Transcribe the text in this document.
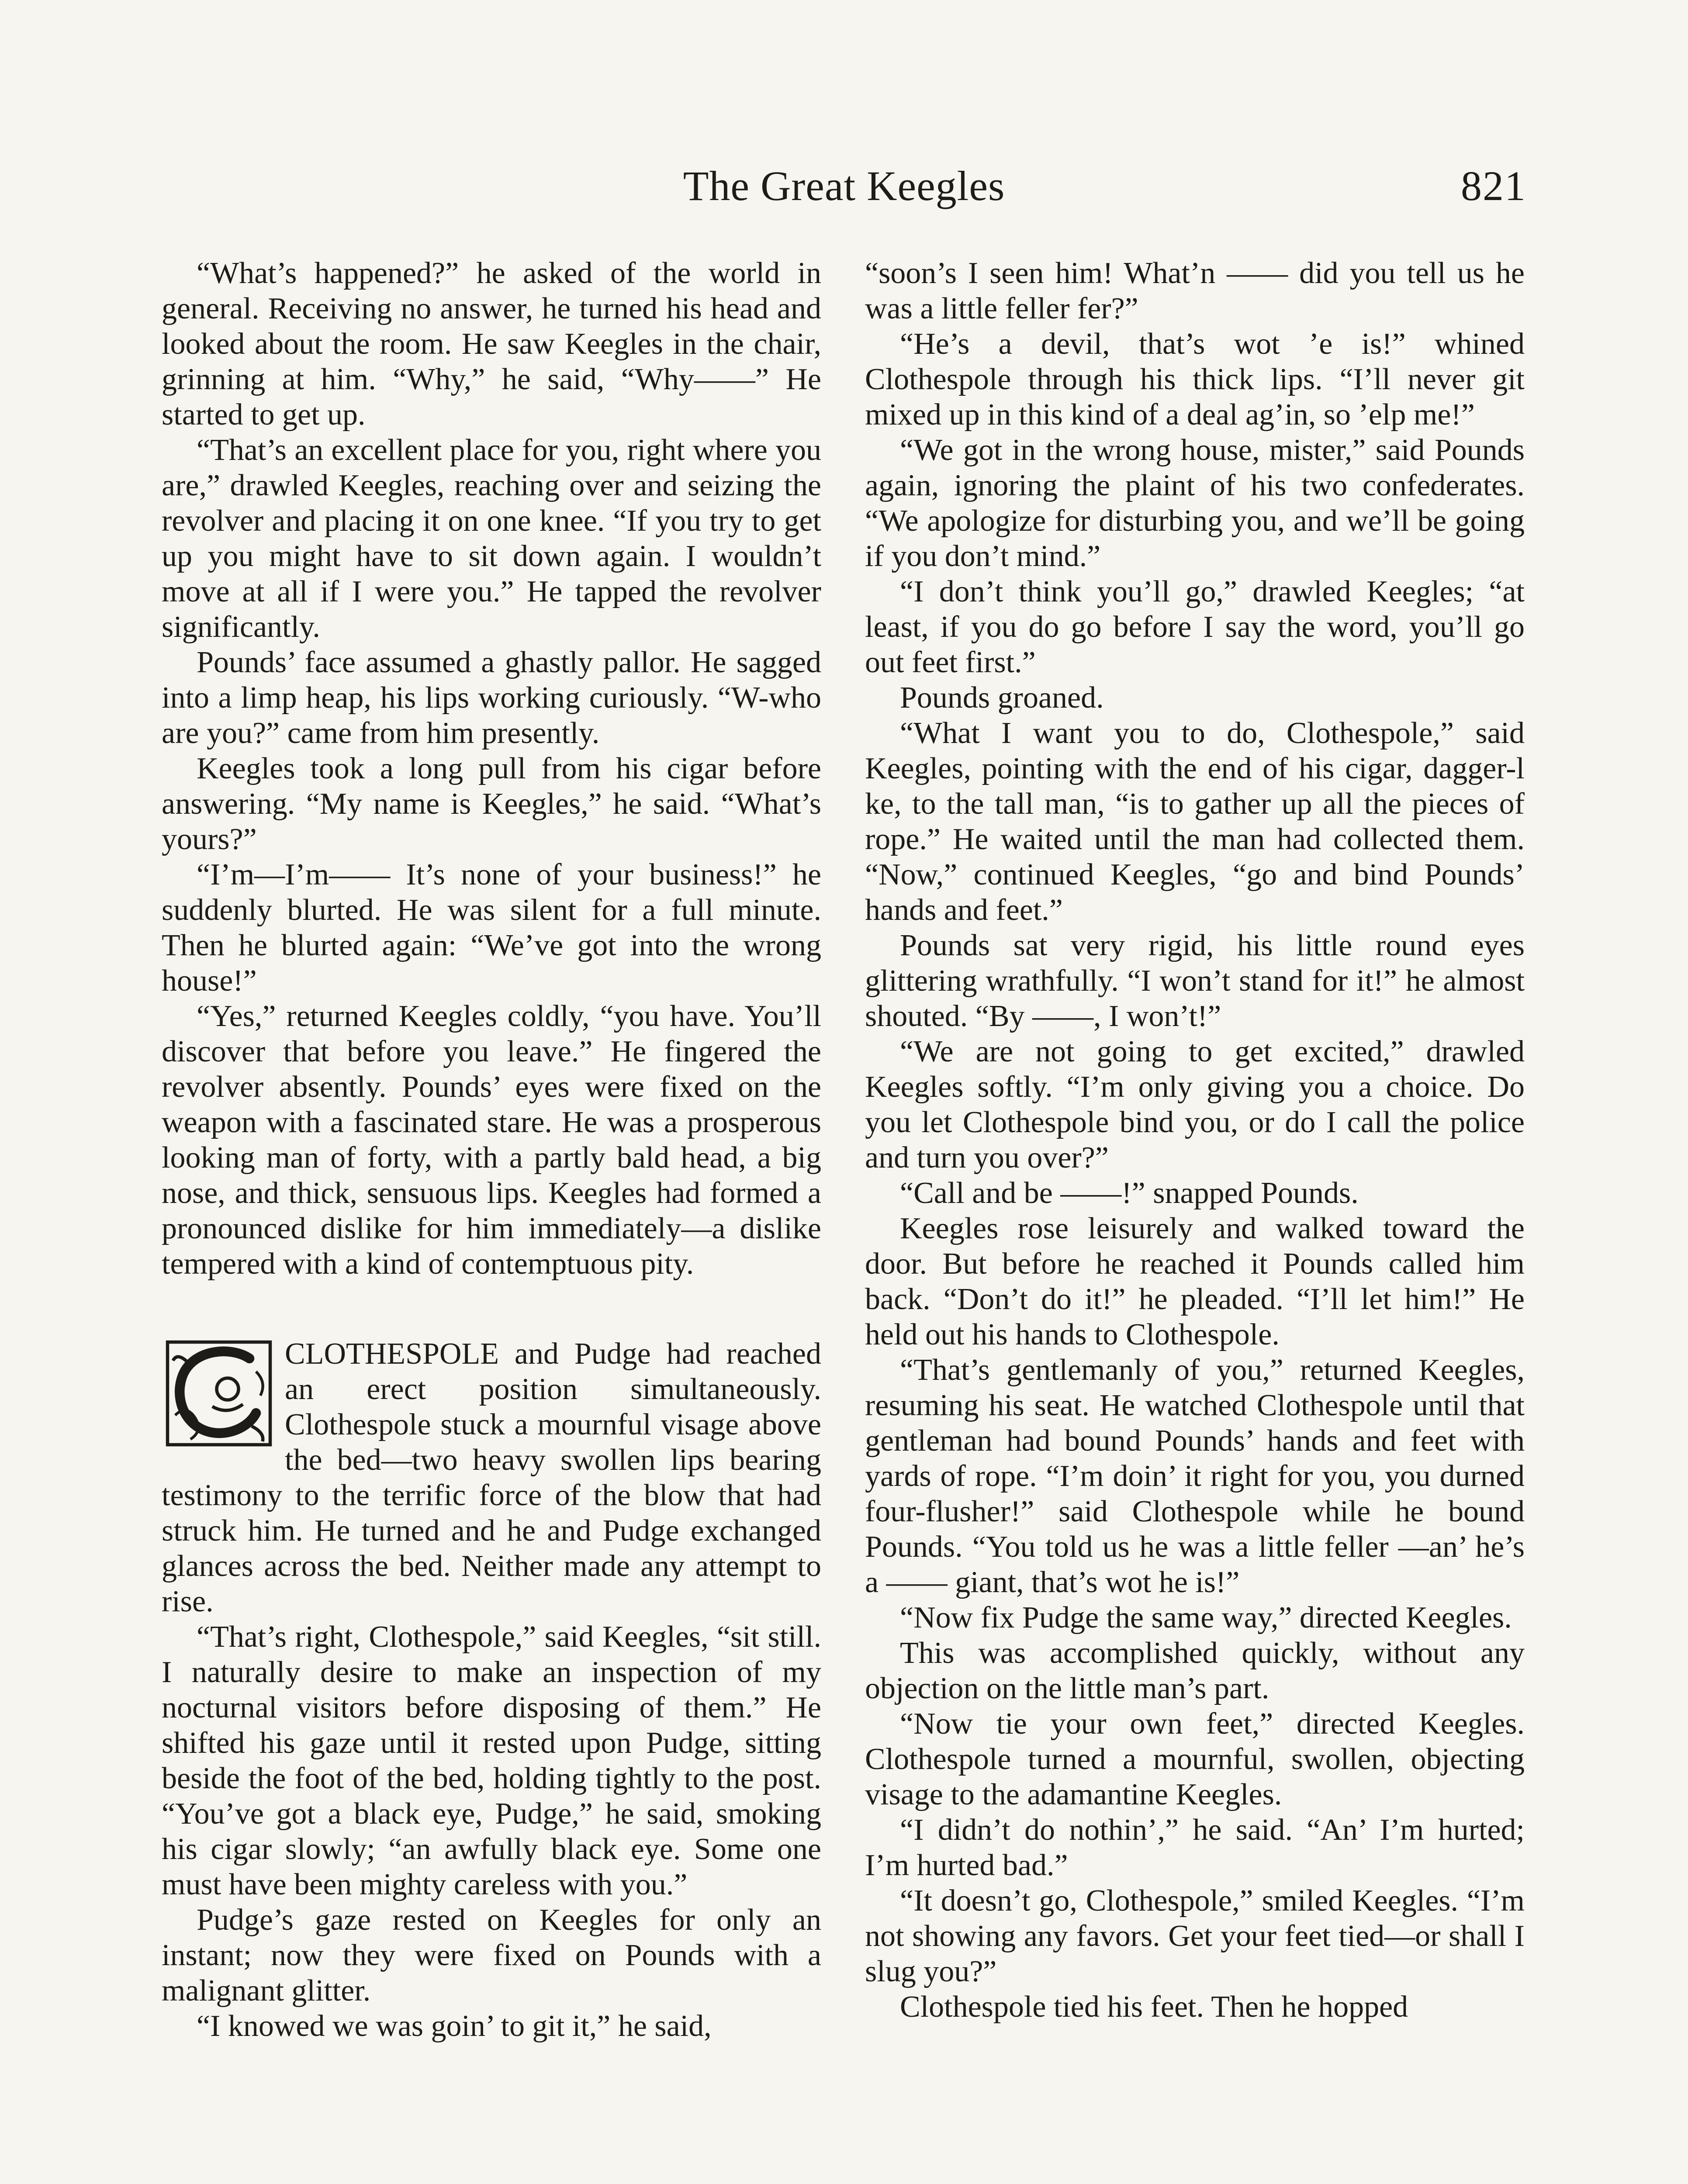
The Great Keegles	821

“What’s happened?” he asked of the world in general. Receiving no answer, he turned his head and looked about the room. He saw Keegles in the chair, grinning at him. “Why,” he said, “Why——” He started to get up.

“That’s an excellent place for you, right where you are,” drawled Keegles, reaching over and seizing the revolver and placing it on one knee. “If you try to get up you might have to sit down again. I wouldn’t move at all if I were you.” He tapped the revolver significantly.

Pounds’ face assumed a ghastly pallor. He sagged into a limp heap, his lips working curiously. “W-who are you?” came from him presently.

Keegles took a long pull from his cigar before answering. “My name is Keegles,” he said. “What’s yours?”

“I’m—I’m—— It’s none of your business!” he suddenly blurted. He was silent for a full minute. Then he blurted again: “We’ve got into the wrong house!”

“Yes,” returned Keegles coldly, “you have. You’ll discover that before you leave.” He fingered the revolver absently. Pounds’ eyes were fixed on the weapon with a fascinated stare. He was a prosperous looking man of forty, with a partly bald head, a big nose, and thick, sensuous lips. Keegles had formed a pronounced dislike for him immediately—a dislike tempered with a kind of contemptuous pity.

CLOTHESPOLE and Pudge had reached an erect position simultaneously. Clothespole stuck a mournful visage above the bed—two heavy swollen lips bearing testimony to the terrific force of the blow that had struck him. He turned and he and Pudge exchanged glances across the bed. Neither made any attempt to rise.

“That’s right, Clothespole,” said Keegles, “sit still. I naturally desire to make an inspection of my nocturnal visitors before disposing of them.” He shifted his gaze until it rested upon Pudge, sitting beside the foot of the bed, holding tightly to the post. “You’ve got a black eye, Pudge,” he said, smoking his cigar slowly; “an awfully black eye. Some one must have been mighty careless with you.”

Pudge’s gaze rested on Keegles for only an instant; now they were fixed on Pounds with a malignant glitter.

“I knowed we was goin’ to git it,” he said,

“soon’s I seen him! What’n —— did you tell us he was a little feller fer?”

“He’s a devil, that’s wot ’e is!” whined Clothespole through his thick lips. “I’ll never git mixed up in this kind of a deal ag’in, so ’elp me!”

“We got in the wrong house, mister,” said Pounds again, ignoring the plaint of his two confederates. “We apologize for disturbing you, and we’ll be going if you don’t mind.”

“I don’t think you’ll go,” drawled Keegles; “at least, if you do go before I say the word, you’ll go out feet first.”

Pounds groaned.

“What I want you to do, Clothespole,” said Keegles, pointing with the end of his cigar, dagger-l ke, to the tall man, “is to gather up all the pieces of rope.” He waited until the man had collected them. “Now,” continued Keegles, “go and bind Pounds’ hands and feet.”

Pounds sat very rigid, his little round eyes glittering wrathfully. “I won’t stand for it!” he almost shouted. “By ——, I won’t!”

“We are not going to get excited,” drawled Keegles softly. “I’m only giving you a choice. Do you let Clothespole bind you, or do I call the police and turn you over?”

“Call and be ——!” snapped Pounds.

Keegles rose leisurely and walked toward the door. But before he reached it Pounds called him back. “Don’t do it!” he pleaded. “I’ll let him!” He held out his hands to Clothespole.

“That’s gentlemanly of you,” returned Keegles, resuming his seat. He watched Clothespole until that gentleman had bound Pounds’ hands and feet with yards of rope. “I’m doin’ it right for you, you durned four-flusher!” said Clothespole while he bound Pounds. “You told us he was a little feller —an’ he’s a —— giant, that’s wot he is!”

“Now fix Pudge the same way,” directed Keegles.

This was accomplished quickly, without any objection on the little man’s part.

“Now tie your own feet,” directed Keegles. Clothespole turned a mournful, swollen, objecting visage to the adamantine Keegles.

“I didn’t do nothin’,” he said. “An’ I’m hurted; I’m hurted bad.”

“It doesn’t go, Clothespole,” smiled Keegles. “I’m not showing any favors. Get your feet tied—or shall I slug you?”

Clothespole tied his feet. Then he hopped
